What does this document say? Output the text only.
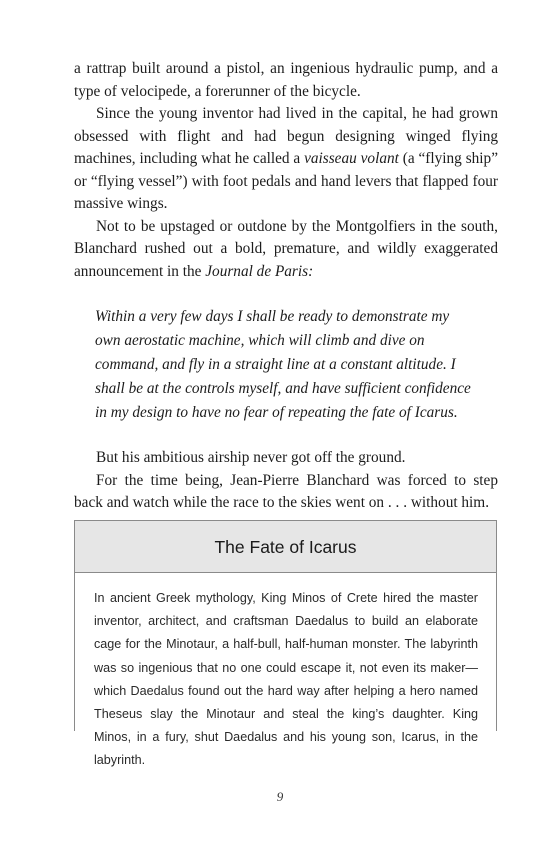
a rattrap built around a pistol, an ingenious hydraulic pump, and a type of velocipede, a forerunner of the bicycle.

Since the young inventor had lived in the capital, he had grown obsessed with flight and had begun designing winged flying machines, including what he called a vaisseau volant (a “flying ship” or “flying vessel”) with foot pedals and hand levers that flapped four massive wings.

Not to be upstaged or outdone by the Montgolfiers in the south, Blanchard rushed out a bold, premature, and wildly exaggerated announcement in the Journal de Paris:

Within a very few days I shall be ready to demonstrate my own aerostatic machine, which will climb and dive on command, and fly in a straight line at a constant altitude. I shall be at the controls myself, and have sufficient confidence in my design to have no fear of repeating the fate of Icarus.

But his ambitious airship never got off the ground.

For the time being, Jean-Pierre Blanchard was forced to step back and watch while the race to the skies went on . . . without him.

The Fate of Icarus
In ancient Greek mythology, King Minos of Crete hired the master inventor, architect, and craftsman Daedalus to build an elaborate cage for the Minotaur, a half-bull, half-human monster. The labyrinth was so ingenious that no one could escape it, not even its maker—which Daedalus found out the hard way after helping a hero named Theseus slay the Minotaur and steal the king’s daughter. King Minos, in a fury, shut Daedalus and his young son, Icarus, in the labyrinth.
9
